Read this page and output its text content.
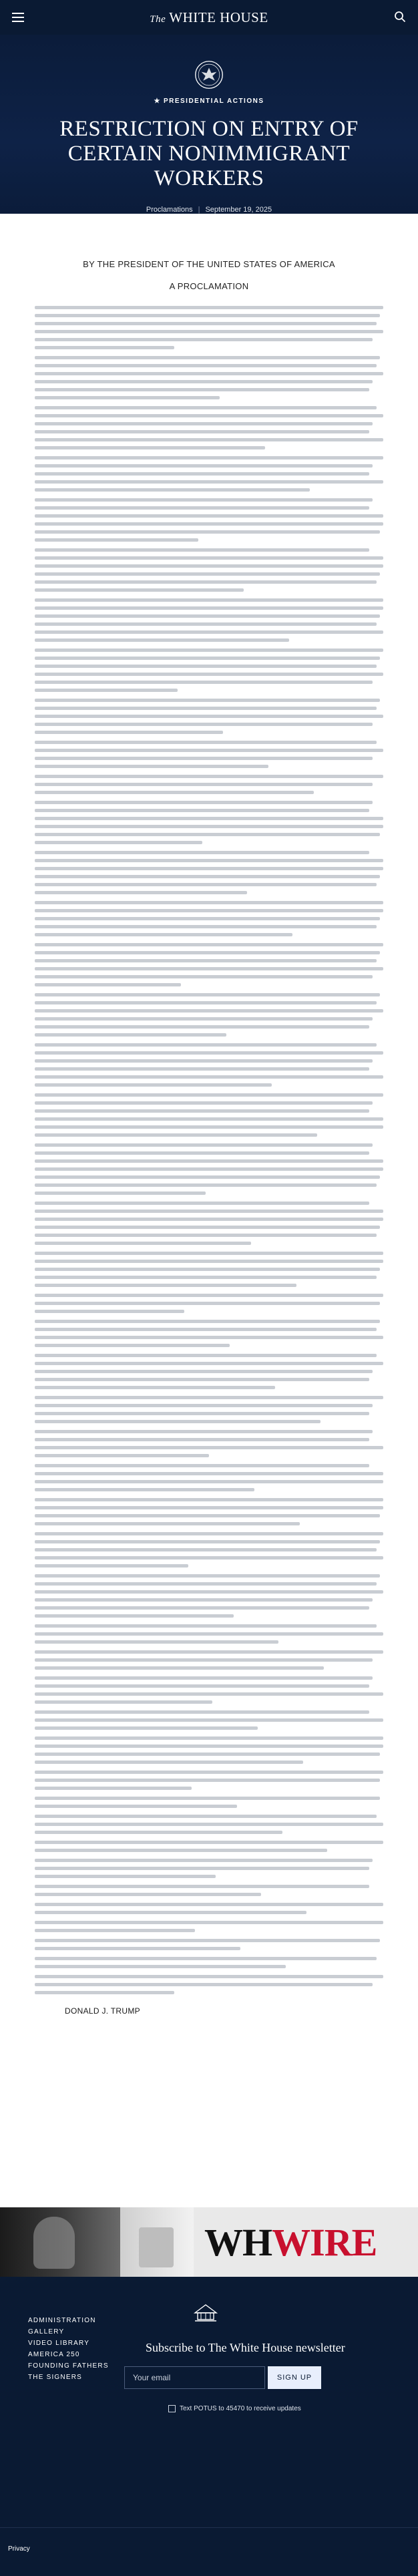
The WHITE HOUSE
★ PRESIDENTIAL ACTIONS
RESTRICTION ON ENTRY OF CERTAIN NONIMMIGRANT WORKERS
Proclamations | September 19, 2025
BY THE PRESIDENT OF THE UNITED STATES OF AMERICA
A PROCLAMATION
DONALD J. TRUMP
WH WIRE
ADMINISTRATION
GALLERY
VIDEO LIBRARY
AMERICA 250
FOUNDING FATHERS
THE SIGNERS
Subscribe to The White House newsletter
Your email
SIGN UP
Text POTUS to 45470 to receive updates
Privacy
